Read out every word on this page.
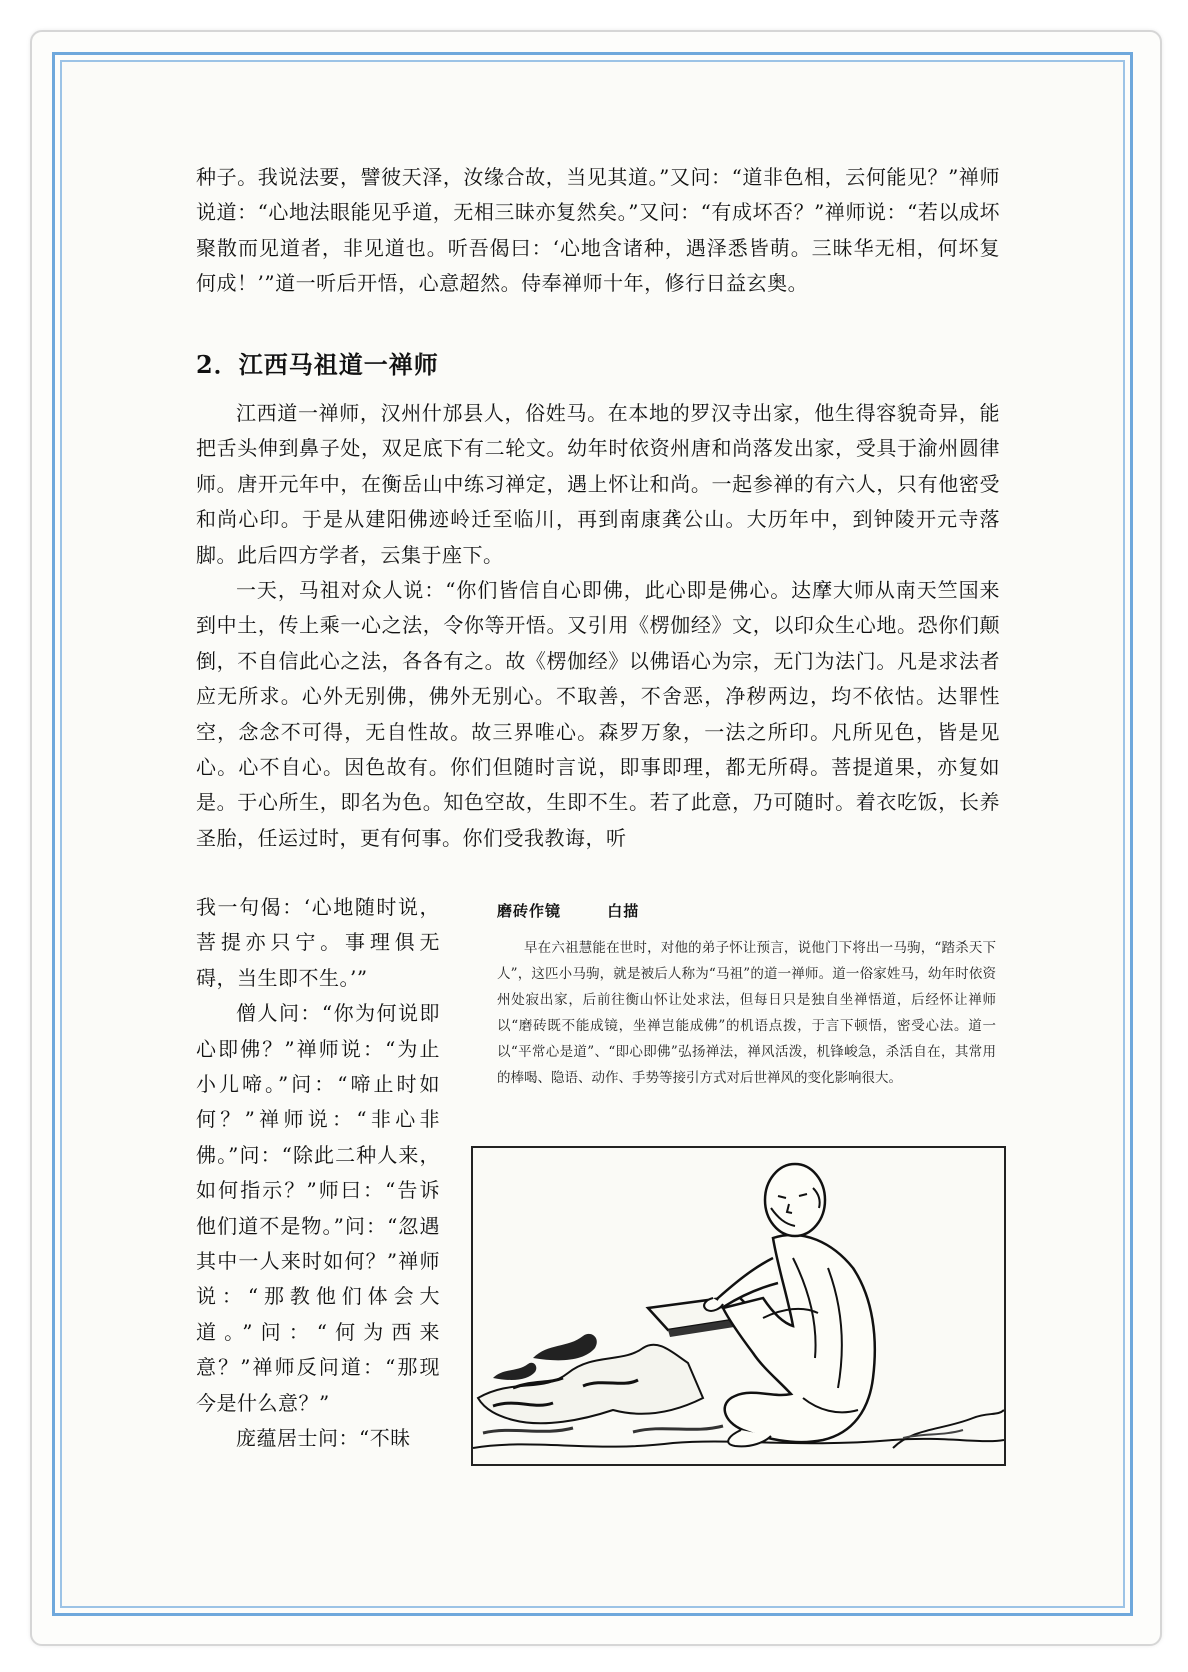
种子。我说法要，譬彼天泽，汝缘合故，当见其道。”又问：“道非色相，云何能见？”禅师说道：“心地法眼能见乎道，无相三昧亦复然矣。”又问：“有成坏否？”禅师说：“若以成坏聚散而见道者，非见道也。听吾偈曰：‘心地含诸种，遇泽悉皆萌。三昧华无相，何坏复何成！’”道一听后开悟，心意超然。侍奉禅师十年，修行日益玄奥。

2．江西马祖道一禅师

江西道一禅师，汉州什邡县人，俗姓马。在本地的罗汉寺出家，他生得容貌奇异，能把舌头伸到鼻子处，双足底下有二轮文。幼年时依资州唐和尚落发出家，受具于渝州圆律师。唐开元年中，在衡岳山中练习禅定，遇上怀让和尚。一起参禅的有六人，只有他密受和尚心印。于是从建阳佛迹岭迁至临川，再到南康龚公山。大历年中，到钟陵开元寺落脚。此后四方学者，云集于座下。

一天，马祖对众人说：“你们皆信自心即佛，此心即是佛心。达摩大师从南天竺国来到中土，传上乘一心之法，令你等开悟。又引用《楞伽经》文，以印众生心地。恐你们颠倒，不自信此心之法，各各有之。故《楞伽经》以佛语心为宗，无门为法门。凡是求法者应无所求。心外无别佛，佛外无别心。不取善，不舍恶，净秽两边，均不依怙。达罪性空，念念不可得，无自性故。故三界唯心。森罗万象，一法之所印。凡所见色，皆是见心。心不自心。因色故有。你们但随时言说，即事即理，都无所碍。菩提道果，亦复如是。于心所生，即名为色。知色空故，生即不生。若了此意，乃可随时。着衣吃饭，长养圣胎，任运过时，更有何事。你们受我教诲，听

我一句偈：‘心地随时说，菩提亦只宁。事理俱无碍，当生即不生。’”

僧人问：“你为何说即心即佛？”禅师说：“为止小儿啼。”问：“啼止时如何？”禅师说：“非心非佛。”问：“除此二种人来，如何指示？”师曰：“告诉他们道不是物。”问：“忽遇其中一人来时如何？”禅师说：“那教他们体会大道。”问：“何为西来意？”禅师反问道：“那现今是什么意？”

庞蕴居士问：“不昧

磨砖作镜	白描
早在六祖慧能在世时，对他的弟子怀让预言，说他门下将出一马驹，“踏杀天下人”，这匹小马驹，就是被后人称为“马祖”的道一禅师。道一俗家姓马，幼年时依资州处寂出家，后前往衡山怀让处求法，但每日只是独自坐禅悟道，后经怀让禅师以“磨砖既不能成镜，坐禅岂能成佛”的机语点拨，于言下顿悟，密受心法。道一以“平常心是道”、“即心即佛”弘扬禅法，禅风活泼，机锋峻急，杀活自在，其常用的棒喝、隐语、动作、手势等接引方式对后世禅风的变化影响很大。
